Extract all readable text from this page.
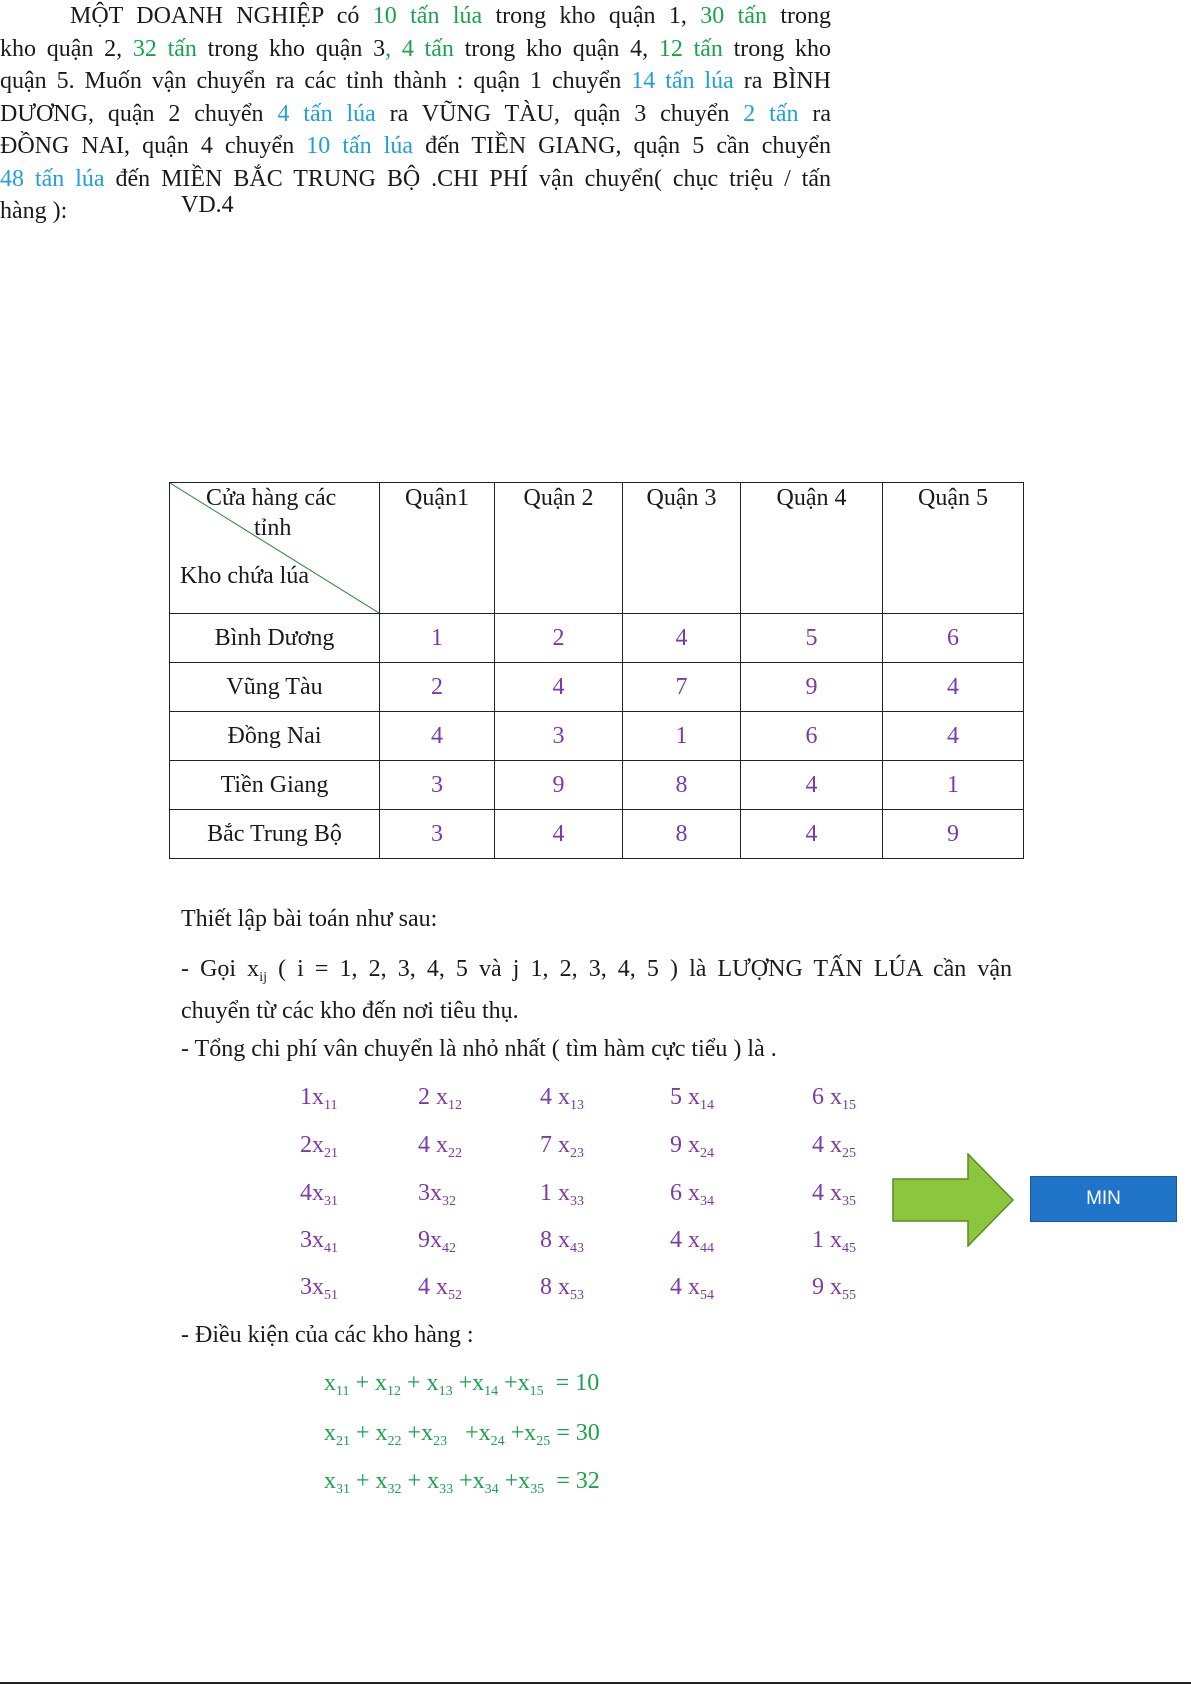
VD.4
MỘT DOANH NGHIỆP có 10 tấn lúa trong kho quận 1, 30 tấn trong
kho quận 2, 32 tấn trong kho quận 3, 4 tấn trong kho quận 4, 12 tấn trong kho
quận 5. Muốn vận chuyển ra các tỉnh thành : quận 1 chuyển 14 tấn lúa ra BÌNH
DƯƠNG, quận 2 chuyển 4 tấn lúa ra VŨNG TÀU, quận 3 chuyển 2 tấn ra
ĐỒNG NAI, quận 4 chuyển 10 tấn lúa đến TIỀN GIANG, quận 5 cần chuyển
48 tấn lúa đến MIỀN BẮC TRUNG BỘ .CHI PHÍ vận chuyển( chục triệu / tấn
hàng ):
Cửa hàng các
tỉnh
Kho chứa lúa	Quận1	Quận 2	Quận 3	Quận 4	Quận 5
Bình Dương	1	2	4	5	6
Vũng Tàu	2	4	7	9	4
Đồng Nai	4	3	1	6	4
Tiền Giang	3	9	8	4	1
Bắc Trung Bộ	3	4	8	4	9
Thiết lập bài toán như sau:
- Gọi $x_{ij}$ ( i = 1, 2, 3, 4, 5 và j 1, 2, 3, 4, 5 ) là LƯỢNG TẤN LÚA cần vận
chuyển từ các kho đến nơi tiêu thụ.
- Tổng chi phí vân chuyển là nhỏ nhất ( tìm hàm cực tiểu ) là .
$1x_{11}$	2 $x_{12}$	4 $x_{13}$	5 $x_{14}$	6 $x_{15}$
$2x_{21}$	4 $x_{22}$	7 $x_{23}$	9 $x_{24}$	4 $x_{25}$
$4x_{31}$	$3x_{32}$	1 $x_{33}$	6 $x_{34}$	4 $x_{35}$
$3x_{41}$	$9x_{42}$	8 $x_{43}$	4 $x_{44}$	1 $x_{45}$
$3x_{51}$	4 $x_{52}$	8 $x_{53}$	4 $x_{54}$	9 $x_{55}$
MIN
- Điều kiện của các kho hàng :
$x_{11} + x_{12} + x_{13} +x_{14} +x_{15} = 10$
$x_{21} + x_{22} +x_{23} +x_{24} +x_{25} = 30$
$x_{31} + x_{32} + x_{33} +x_{34} +x_{35} = 32$
